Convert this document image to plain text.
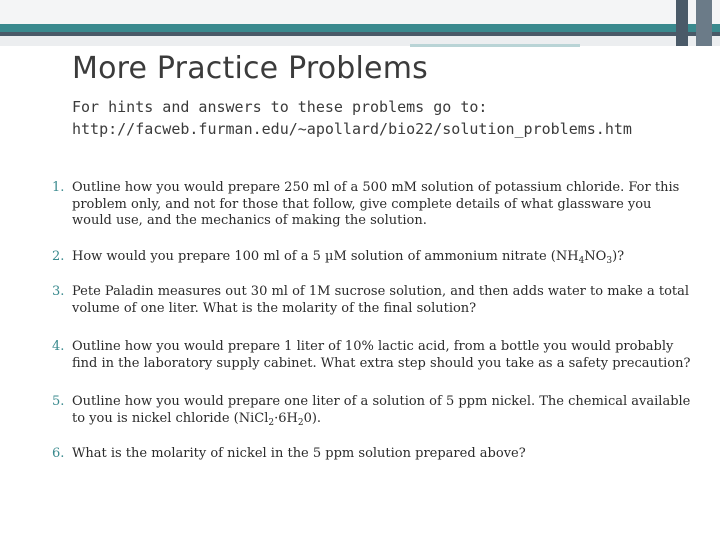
More Practice Problems
For hints and answers to these problems go to:
http://facweb.furman.edu/~apollard/bio22/solution_problems.htm
1. Outline how you would prepare 250 ml of a 500 mM solution of potassium chloride. For this problem only, and not for those that follow, give complete details of what glassware you would use, and the mechanics of making the solution.
2. How would you prepare 100 ml of a 5 µM solution of ammonium nitrate $(NH_4NO_3)$?
3. Pete Paladin measures out 30 ml of 1M sucrose solution, and then adds water to make a total volume of one liter. What is the molarity of the final solution?
4. Outline how you would prepare 1 liter of 10% lactic acid, from a bottle you would probably find in the laboratory supply cabinet. What extra step should you take as a safety precaution?
5. Outline how you would prepare one liter of a solution of 5 ppm nickel. The chemical available to you is nickel chloride $(NiCl_2\cdot 6H_20)$.
6. What is the molarity of nickel in the 5 ppm solution prepared above?
